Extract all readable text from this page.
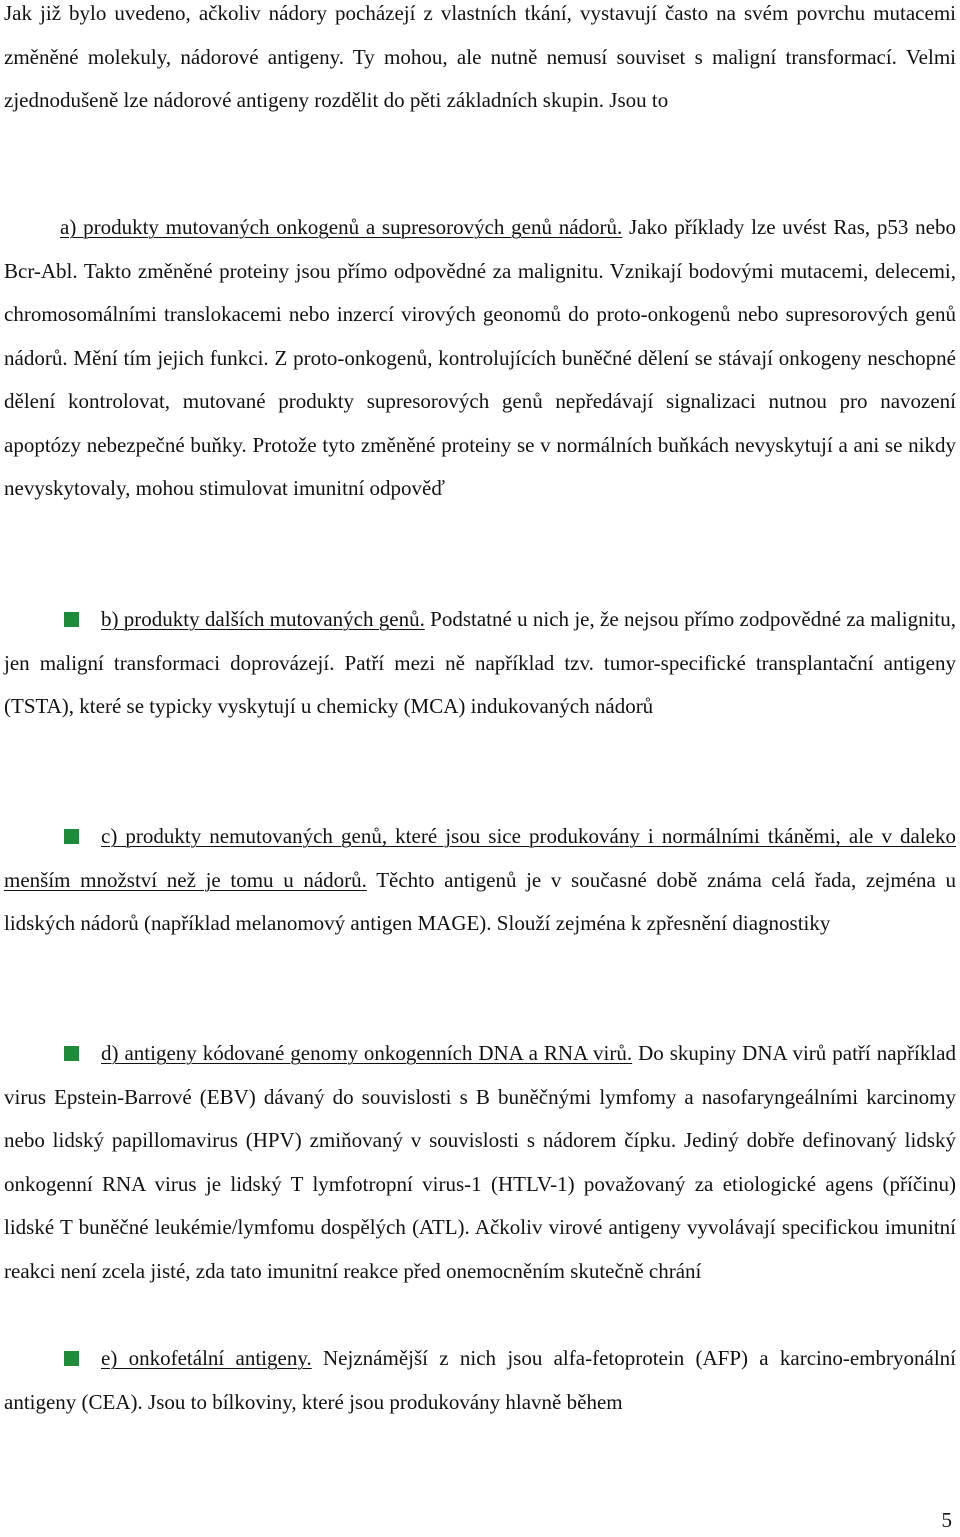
Jak již bylo uvedeno, ačkoliv nádory pocházejí z vlastních tkání, vystavují často na svém povrchu mutacemi změněné molekuly, nádorové antigeny. Ty mohou, ale nutně nemusí souviset s maligní transformací. Velmi zjednodušeně lze nádorové antigeny rozdělit do pěti základních skupin. Jsou to

a) produkty mutovaných onkogenů a supresorových genů nádorů. Jako příklady lze uvést Ras, p53 nebo Bcr-Abl. Takto změněné proteiny jsou přímo odpovědné za malignitu. Vznikají bodovými mutacemi, delecemi, chromosomálními translokacemi nebo inzercí virových geonomů do proto-onkogenů nebo supresorových genů nádorů. Mění tím jejich funkci. Z proto-onkogenů, kontrolujících buněčné dělení se stávají onkogeny neschopné dělení kontrolovat, mutované produkty supresorových genů nepředávají signalizaci nutnou pro navození apoptózy nebezpečné buňky. Protože tyto změněné proteiny se v normálních buňkách nevyskytují a ani se nikdy nevyskytovaly, mohou stimulovat imunitní odpověď

b) produkty dalších mutovaných genů. Podstatné u nich je, že nejsou přímo zodpovědné za malignitu, jen maligní transformaci doprovázejí. Patří mezi ně například tzv. tumor-specifické transplantační antigeny (TSTA), které se typicky vyskytují u chemicky (MCA) indukovaných nádorů

c) produkty nemutovaných genů, které jsou sice produkovány i normálními tkáněmi, ale v daleko menším množství než je tomu u nádorů. Těchto antigenů je v současné době známa celá řada, zejména u lidských nádorů (například melanomový antigen MAGE). Slouží zejména k zpřesnění diagnostiky

d) antigeny kódované genomy onkogenních DNA a RNA virů. Do skupiny DNA virů patří například virus Epstein-Barrové (EBV) dávaný do souvislosti s B buněčnými lymfomy a nasofaryngeálními karcinomy nebo lidský papillomavirus (HPV) zmiňovaný v souvislosti s nádorem čípku. Jediný dobře definovaný lidský onkogenní RNA virus je lidský T lymfotropní virus-1 (HTLV-1) považovaný za etiologické agens (příčinu) lidské T buněčné leukémie/lymfomu dospělých (ATL). Ačkoliv virové antigeny vyvolávají specifickou imunitní reakci není zcela jisté, zda tato imunitní reakce před onemocněním skutečně chrání

e) onkofetální antigeny. Nejznámější z nich jsou alfa-fetoprotein (AFP) a karcino-embryonální antigeny (CEA). Jsou to bílkoviny, které jsou produkovány hlavně během

5
